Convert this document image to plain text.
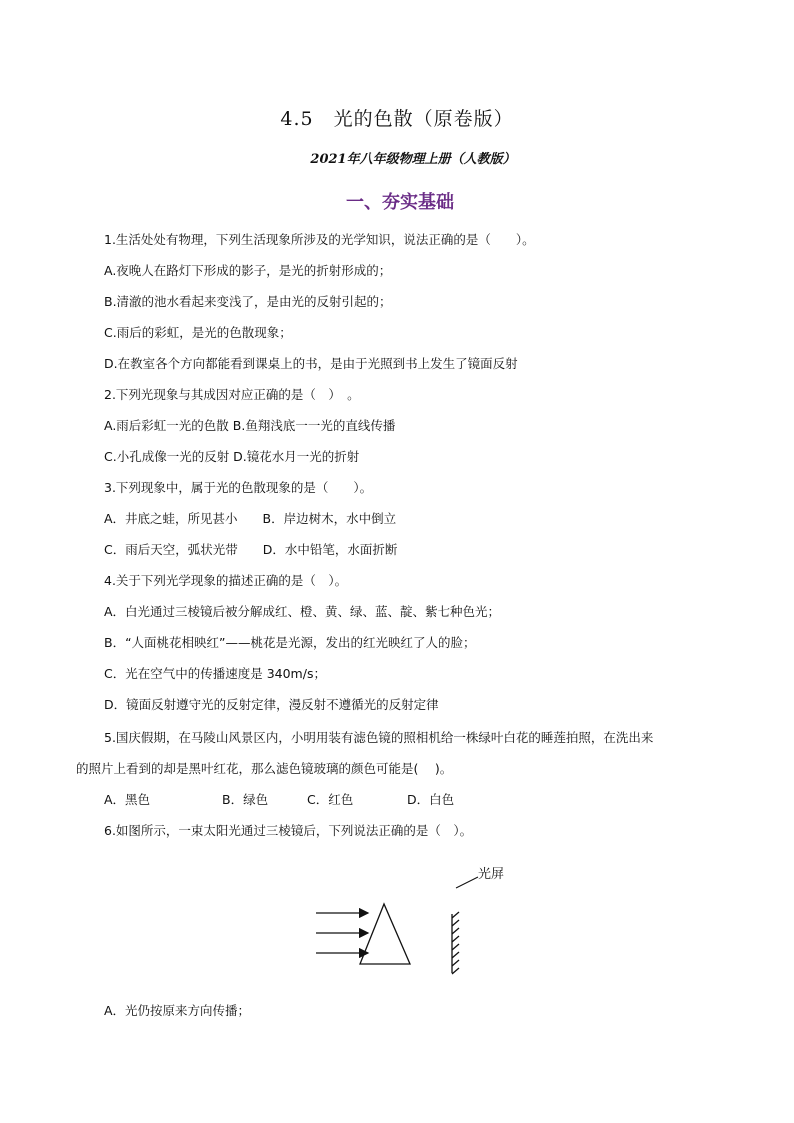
4.5　光的色散（原卷版）
2021年八年级物理上册（人教版）
一、夯实基础
1.生活处处有物理，下列生活现象所涉及的光学知识，说法正确的是（　　）。
A.夜晚人在路灯下形成的影子，是光的折射形成的；
B.清澈的池水看起来变浅了，是由光的反射引起的；
C.雨后的彩虹，是光的色散现象；
D.在教室各个方向都能看到课桌上的书，是由于光照到书上发生了镜面反射
2.下列光现象与其成因对应正确的是（　）　。
A.雨后彩虹一光的色散 B.鱼翔浅底一一光的直线传播
C.小孔成像一光的反射 D.镜花水月一光的折射
3.下列现象中，属于光的色散现象的是（　　）。
A．井底之蛙，所见甚小　　B．岸边树木，水中倒立
C．雨后天空，弧状光带　　D．水中铅笔，水面折断
4.关于下列光学现象的描述正确的是（　）。
A．白光通过三棱镜后被分解成红、橙、黄、绿、蓝、靛、紫七种色光；
B．“人面桃花相映红”——桃花是光源，发出的红光映红了人的脸；
C．光在空气中的传播速度是 340m/s；
D．镜面反射遵守光的反射定律，漫反射不遵循光的反射定律
5.国庆假期，在马陵山风景区内，小明用装有滤色镜的照相机给一株绿叶白花的睡莲拍照，在洗出来
的照片上看到的却是黑叶红花，那么滤色镜玻璃的颜色可能是(　 )。
A．黑色	B．绿色	C．红色	D．白色
6.如图所示，一束太阳光通过三棱镜后，下列说法正确的是（　）。
光屏
A．光仍按原来方向传播；
